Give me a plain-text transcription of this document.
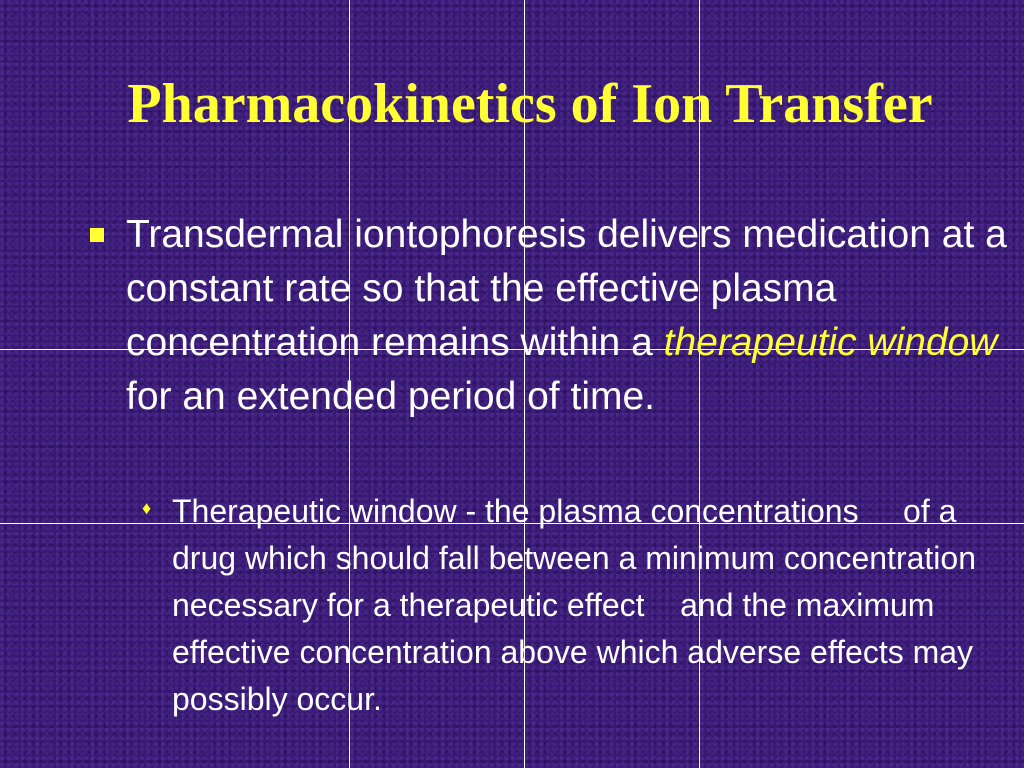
Pharmacokinetics of Ion Transfer
Transdermal iontophoresis delivers medication at a constant rate so that the effective plasma concentration remains within a therapeutic window for an extended period of time.
♦ Therapeutic window - the plasma concentrations     of a drug which should fall between a minimum concentration necessary for a therapeutic effect    and the maximum effective concentration above which adverse effects may possibly occur.
